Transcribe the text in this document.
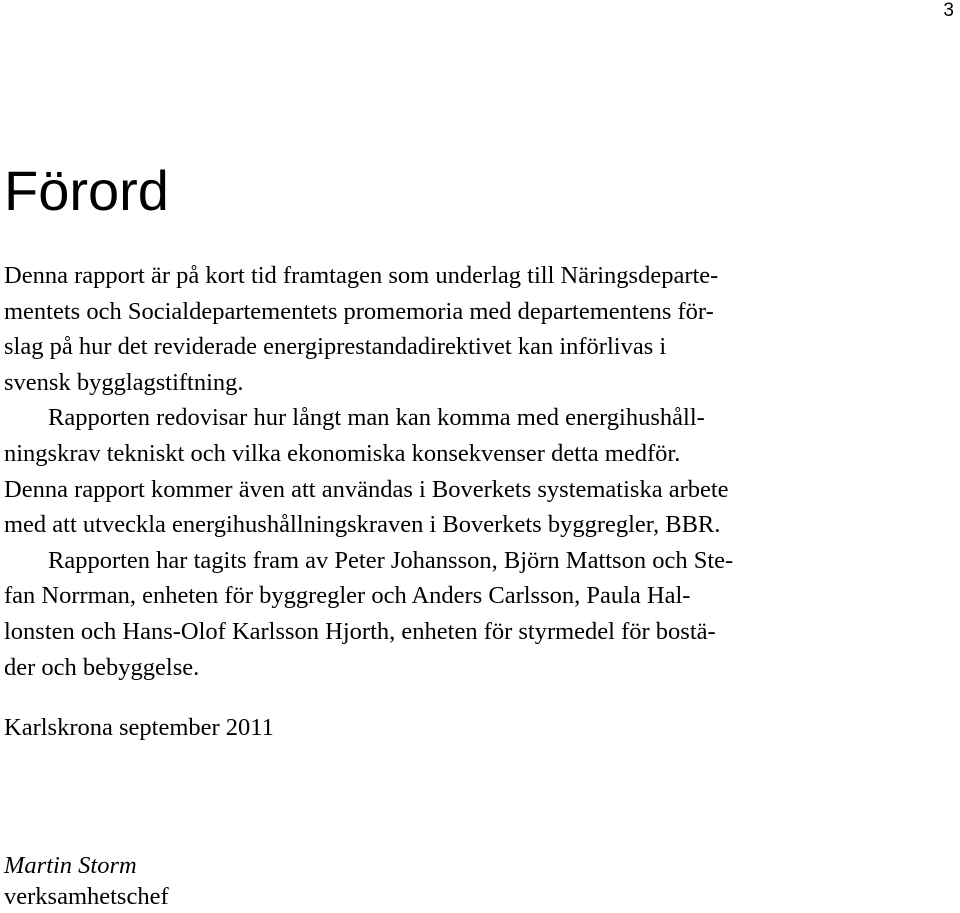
3
Förord
Denna rapport är på kort tid framtagen som underlag till Näringsdeparte-
mentets och Socialdepartementets promemoria med departementens för-
slag på hur det reviderade energiprestandadirektivet kan införlivas i
svensk bygglagstiftning.
Rapporten redovisar hur långt man kan komma med energihushåll-
ningskrav tekniskt och vilka ekonomiska konsekvenser detta medför.
Denna rapport kommer även att användas i Boverkets systematiska arbete
med att utveckla energihushållningskraven i Boverkets byggregler, BBR.
Rapporten har tagits fram av Peter Johansson, Björn Mattson och Ste-
fan Norrman, enheten för byggregler och Anders Carlsson, Paula Hal-
lonsten och Hans-Olof Karlsson Hjorth, enheten för styrmedel för bostä-
der och bebyggelse.
Karlskrona september 2011
Martin Storm
verksamhetschef
